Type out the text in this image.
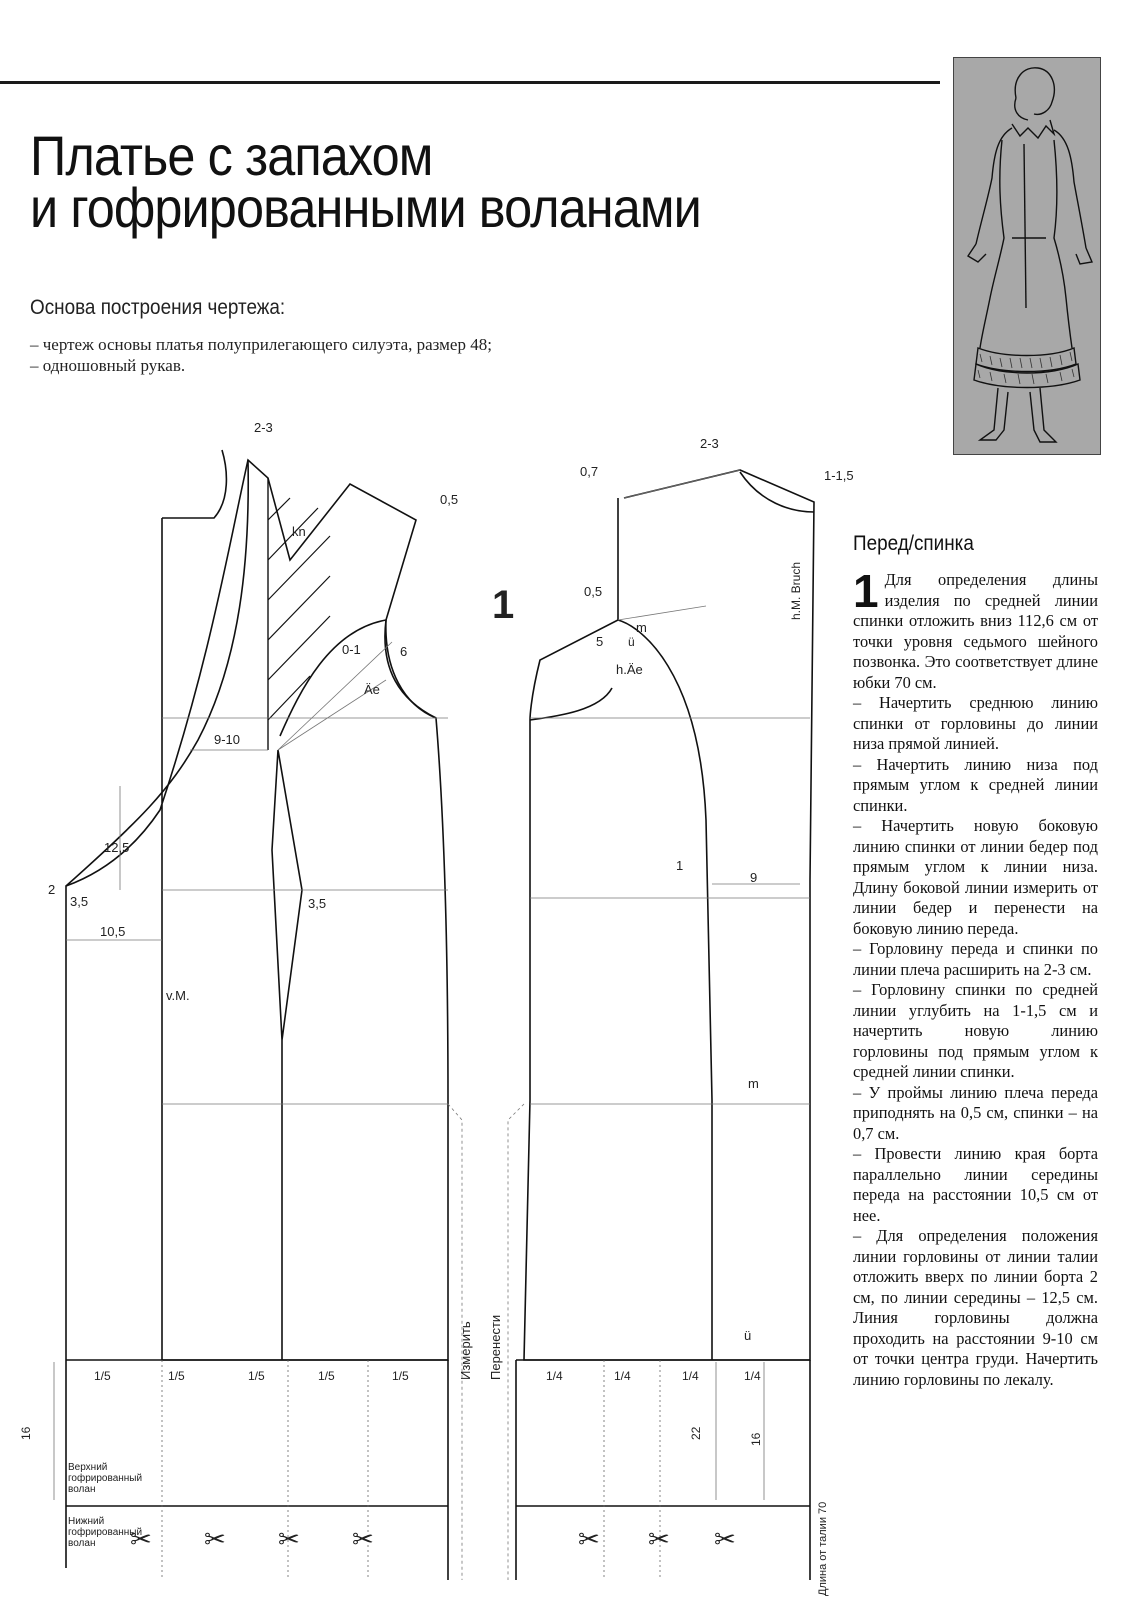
Платье с запахом
и гофрированными воланами
Основа построения чертежа:
– чертеж основы платья полуприлегающего силуэта, размер 48;
– одношовный рукав.
2-3
2-3
0,7	1-1,5
0,5
0,5
kn
0-1
Äe
h.Äe
6
5
m
ü
9-10
12,5
2
3,5	3,5
10,5
v.M.
h.M. Bruch
1
9
m
ü
Измерить Перенести
1
1/5	1/5	1/5	1/5	1/5	1/4	1/4	1/4	1/4
16	22	16
Верхний гофрированный волан
Нижний гофрированный волан	Длина от талии 70
✂ ✂ ✂ ✂	✂ ✂ ✂
Перед/спинка

1 Для определения длины изделия по средней линии спинки отложить вниз 112,6 см от точки уровня седьмого шейного позвонка. Это соответствует длине юбки 70 см.

– Начертить среднюю линию спинки от горловины до линии низа прямой линией.

– Начертить линию низа под прямым углом к средней линии спинки.

– Начертить новую боковую линию спинки от линии бедер под прямым углом к линии низа. Длину боковой линии измерить от линии бедер и перенести на боковую линию переда.

– Горловину переда и спинки по линии плеча расширить на 2-3 см.

– Горловину спинки по средней линии углубить на 1-1,5 см и начертить новую линию горловины под прямым углом к средней линии спинки.

– У проймы линию плеча переда приподнять на 0,5 см, спинки – на 0,7 см.

– Провести линию края борта параллельно линии середины переда на расстоянии 10,5 см от нее.

– Для определения положения линии горловины от линии талии отложить вверх по линии борта 2 см, по линии середины – 12,5 см. Линия горловины должна проходить на расстоянии 9-10 см от точки центра груди. Начертить линию горловины по лекалу.
